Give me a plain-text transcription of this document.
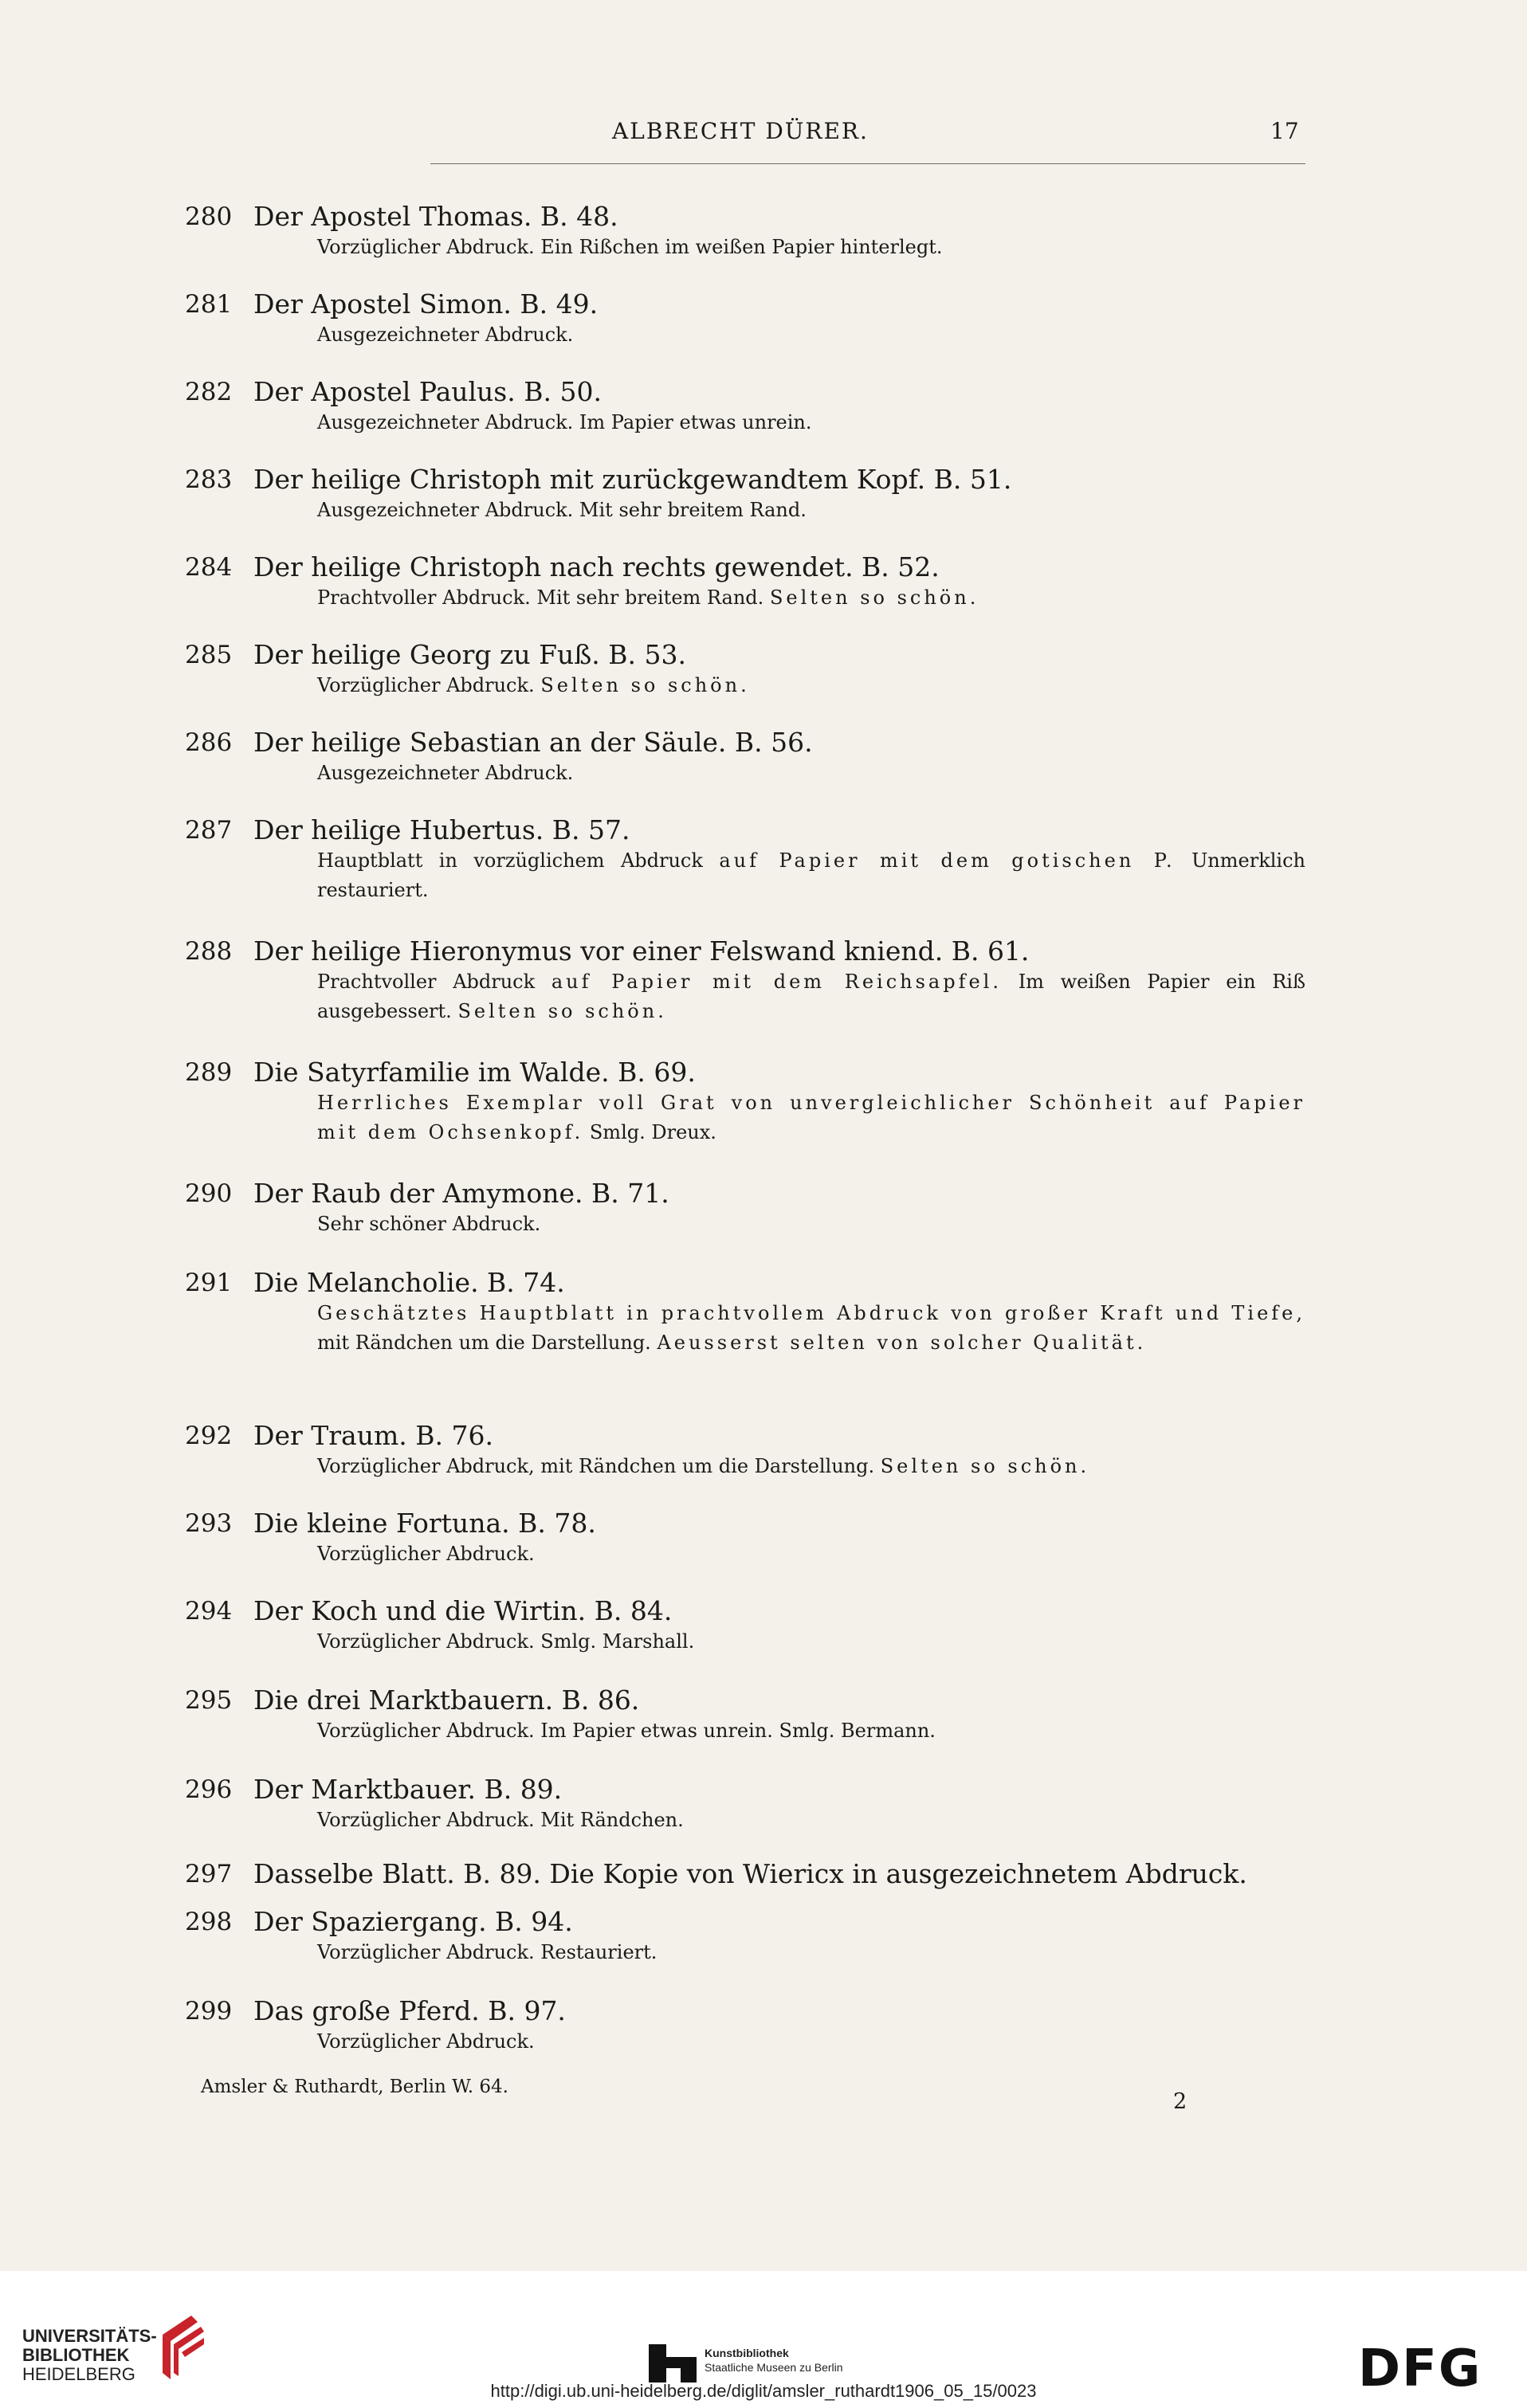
ALBRECHT DÜRER.	17
280 Der Apostel Thomas. B. 48.
Vorzüglicher Abdruck. Ein Rißchen im weißen Papier hinterlegt.
281 Der Apostel Simon. B. 49.
Ausgezeichneter Abdruck.
282 Der Apostel Paulus. B. 50.
Ausgezeichneter Abdruck. Im Papier etwas unrein.
283 Der heilige Christoph mit zurückgewandtem Kopf. B. 51.
Ausgezeichneter Abdruck. Mit sehr breitem Rand.
284 Der heilige Christoph nach rechts gewendet. B. 52.
Prachtvoller Abdruck. Mit sehr breitem Rand. Selten so schön.
285 Der heilige Georg zu Fuß. B. 53.
Vorzüglicher Abdruck. Selten so schön.
286 Der heilige Sebastian an der Säule. B. 56.
Ausgezeichneter Abdruck.
287 Der heilige Hubertus. B. 57.
Hauptblatt in vorzüglichem Abdruck auf Papier mit dem gotischen P. Unmerklich restauriert.
288 Der heilige Hieronymus vor einer Felswand kniend. B. 61.
Prachtvoller Abdruck auf Papier mit dem Reichsapfel. Im weißen Papier ein Riß ausgebessert. Selten so schön.
289 Die Satyrfamilie im Walde. B. 69.
Herrliches Exemplar voll Grat von unvergleichlicher Schönheit auf Papier mit dem Ochsenkopf. Smlg. Dreux.
290 Der Raub der Amymone. B. 71.
Sehr schöner Abdruck.
291 Die Melancholie. B. 74.
Geschätztes Hauptblatt in prachtvollem Abdruck von großer Kraft und Tiefe, mit Rändchen um die Darstellung. Aeusserst selten von solcher Qualität.
292 Der Traum. B. 76.
Vorzüglicher Abdruck, mit Rändchen um die Darstellung. Selten so schön.
293 Die kleine Fortuna. B. 78.
Vorzüglicher Abdruck.
294 Der Koch und die Wirtin. B. 84.
Vorzüglicher Abdruck. Smlg. Marshall.
295 Die drei Marktbauern. B. 86.
Vorzüglicher Abdruck. Im Papier etwas unrein. Smlg. Bermann.
296 Der Marktbauer. B. 89.
Vorzüglicher Abdruck. Mit Rändchen.
297 Dasselbe Blatt. B. 89. Die Kopie von Wiericx in ausgezeichnetem Abdruck.
298 Der Spaziergang. B. 94.
Vorzüglicher Abdruck. Restauriert.
299 Das große Pferd. B. 97.
Vorzüglicher Abdruck.
Amsler & Ruthardt, Berlin W. 64.
2
UNIVERSITÄTS-
BIBLIOTHEK
HEIDELBERG
Kunstbibliothek
Staatliche Museen zu Berlin	DFG
http://digi.ub.uni-heidelberg.de/diglit/amsler_ruthardt1906_05_15/0023
